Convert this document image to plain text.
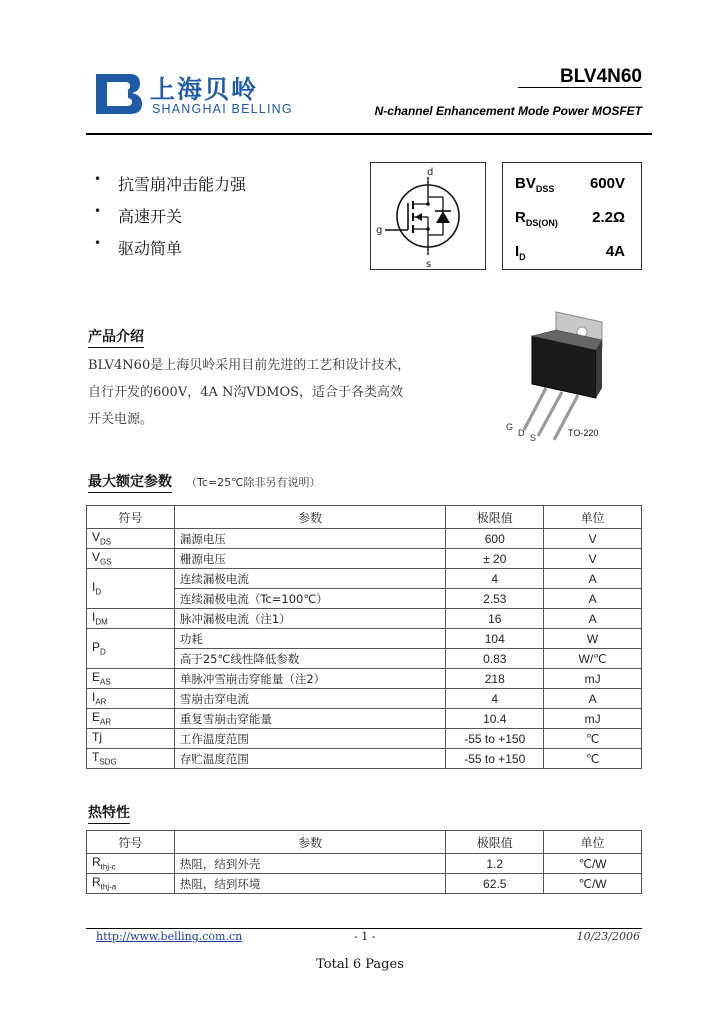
上海贝岭
SHANGHAI BELLING
BLV4N60
N-channel Enhancement Mode Power MOSFET
• 抗雪崩冲击能力强
• 高速开关
• 驱动简单
d
g
s
$BV_{DSS}$ 600V
$R_{DS(ON)}$ 2.2Ω
$I_D$	4A
产品介绍
BLV4N60是上海贝岭采用目前先进的工艺和设计技术，自行开发的600V，4A N沟VDMOS，适合于各类高效开关电源。	G
D S	TO-220
最大额定参数 （Tc=25℃除非另有说明）
符号	参数	极限值	单位
$V_{DS}$	漏源电压	600	V
$V_{GS}$	栅源电压	± 20	V
$I_D$	连续漏极电流	4	A
	连续漏极电流（Tc=100℃）	2.53	A
$I_{DM}$	脉冲漏极电流（注1）	16	A
$P_D$	功耗	104	W
	高于25℃线性降低参数	0.83	W/℃
$E_{AS}$	单脉冲雪崩击穿能量（注2）	218	mJ
$I_{AR}$	雪崩击穿电流	4	A
$E_{AR}$	重复雪崩击穿能量	10.4	mJ
Tj	工作温度范围	-55 to +150	℃
$T_{SDG}$	存贮温度范围	-55 to +150	℃
热特性
符号	参数	极限值	单位
$R_{thj-c}$	热阻，结到外壳	1.2	℃/W
$R_{thj-a}$	热阻，结到环境	62.5	℃/W
http://www.belling.com.cn	- 1 -	10/23/2006
Total 6 Pages
